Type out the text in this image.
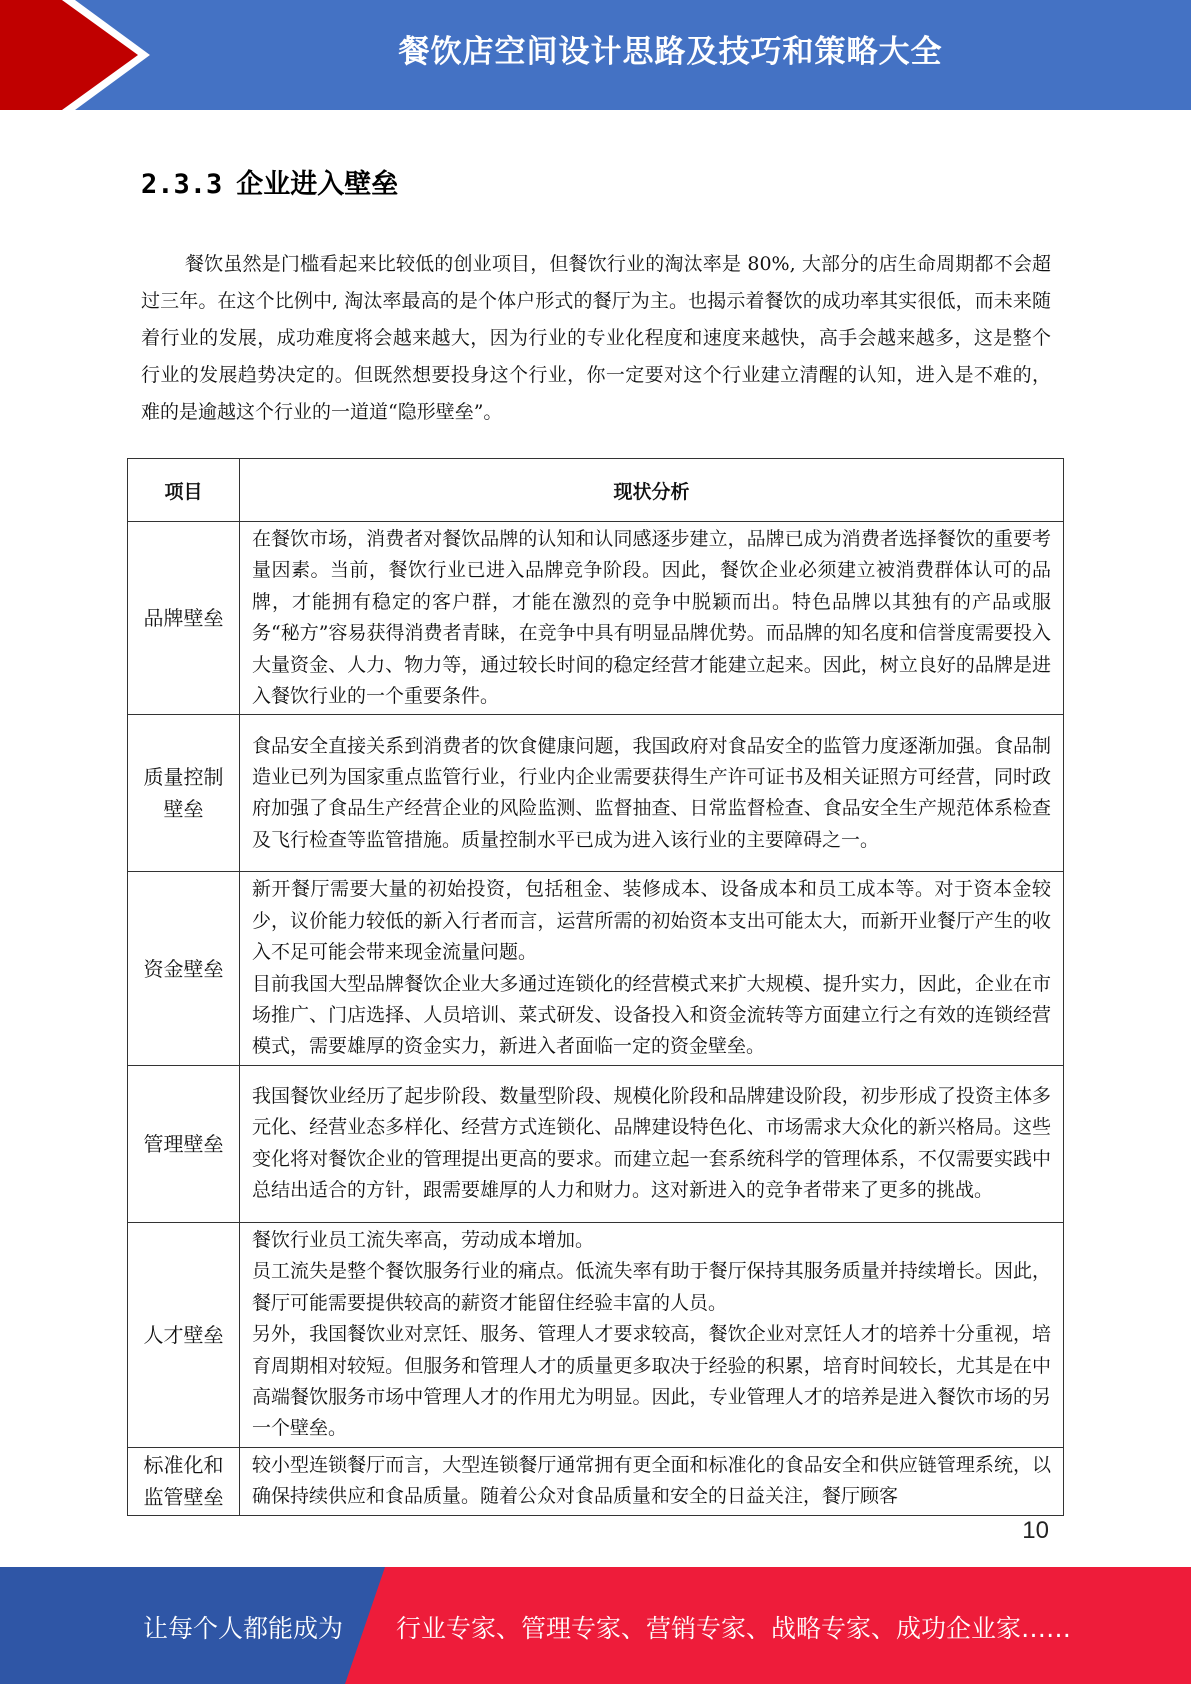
餐饮店空间设计思路及技巧和策略大全
2.3.3 企业进入壁垒

餐饮虽然是门槛看起来比较低的创业项目，但餐饮行业的淘汰率是 80%, 大部分的店生命周期都不会超过三年。在这个比例中, 淘汰率最高的是个体户形式的餐厅为主。也揭示着餐饮的成功率其实很低，而未来随着行业的发展，成功难度将会越来越大，因为行业的专业化程度和速度来越快，高手会越来越多，这是整个行业的发展趋势决定的。但既然想要投身这个行业，你一定要对这个行业建立清醒的认知，进入是不难的，难的是逾越这个行业的一道道“隐形壁垒”。

项目	现状分析
品牌壁垒	在餐饮市场，消费者对餐饮品牌的认知和认同感逐步建立，品牌已成为消费者选择餐饮的重要考量因素。当前，餐饮行业已进入品牌竞争阶段。因此，餐饮企业必须建立被消费群体认可的品牌，才能拥有稳定的客户群，才能在激烈的竞争中脱颖而出。特色品牌以其独有的产品或服务“秘方”容易获得消费者青睐，在竞争中具有明显品牌优势。而品牌的知名度和信誉度需要投入大量资金、人力、物力等，通过较长时间的稳定经营才能建立起来。因此，树立良好的品牌是进入餐饮行业的一个重要条件。

质量控制壁垒	食品安全直接关系到消费者的饮食健康问题，我国政府对食品安全的监管力度逐渐加强。食品制造业已列为国家重点监管行业，行业内企业需要获得生产许可证书及相关证照方可经营，同时政府加强了食品生产经营企业的风险监测、监督抽查、日常监督检查、食品安全生产规范体系检查及飞行检查等监管措施。质量控制水平已成为进入该行业的主要障碍之一。

资金壁垒	新开餐厅需要大量的初始投资，包括租金、装修成本、设备成本和员工成本等。对于资本金较少，议价能力较低的新入行者而言，运营所需的初始资本支出可能太大，而新开业餐厅产生的收入不足可能会带来现金流量问题。

目前我国大型品牌餐饮企业大多通过连锁化的经营模式来扩大规模、提升实力，因此，企业在市场推广、门店选择、人员培训、菜式研发、设备投入和资金流转等方面建立行之有效的连锁经营模式，需要雄厚的资金实力，新进入者面临一定的资金壁垒。

管理壁垒	我国餐饮业经历了起步阶段、数量型阶段、规模化阶段和品牌建设阶段，初步形成了投资主体多元化、经营业态多样化、经营方式连锁化、品牌建设特色化、市场需求大众化的新兴格局。这些变化将对餐饮企业的管理提出更高的要求。而建立起一套系统科学的管理体系，不仅需要实践中总结出适合的方针，跟需要雄厚的人力和财力。这对新进入的竞争者带来了更多的挑战。

人才壁垒	餐饮行业员工流失率高，劳动成本增加。

员工流失是整个餐饮服务行业的痛点。低流失率有助于餐厅保持其服务质量并持续增长。因此，餐厅可能需要提供较高的薪资才能留住经验丰富的人员。

另外，我国餐饮业对烹饪、服务、管理人才要求较高，餐饮企业对烹饪人才的培养十分重视，培育周期相对较短。但服务和管理人才的质量更多取决于经验的积累，培育时间较长，尤其是在中高端餐饮服务市场中管理人才的作用尤为明显。因此，专业管理人才的培养是进入餐饮市场的另一个壁垒。

标准化和监管壁垒	较小型连锁餐厅而言，大型连锁餐厅通常拥有更全面和标准化的食品安全和供应链管理系统，以确保持续供应和食品质量。随着公众对食品质量和安全的日益关注，餐厅顾客

10
让每个人都能成为 行业专家、管理专家、营销专家、战略专家、成功企业家……
